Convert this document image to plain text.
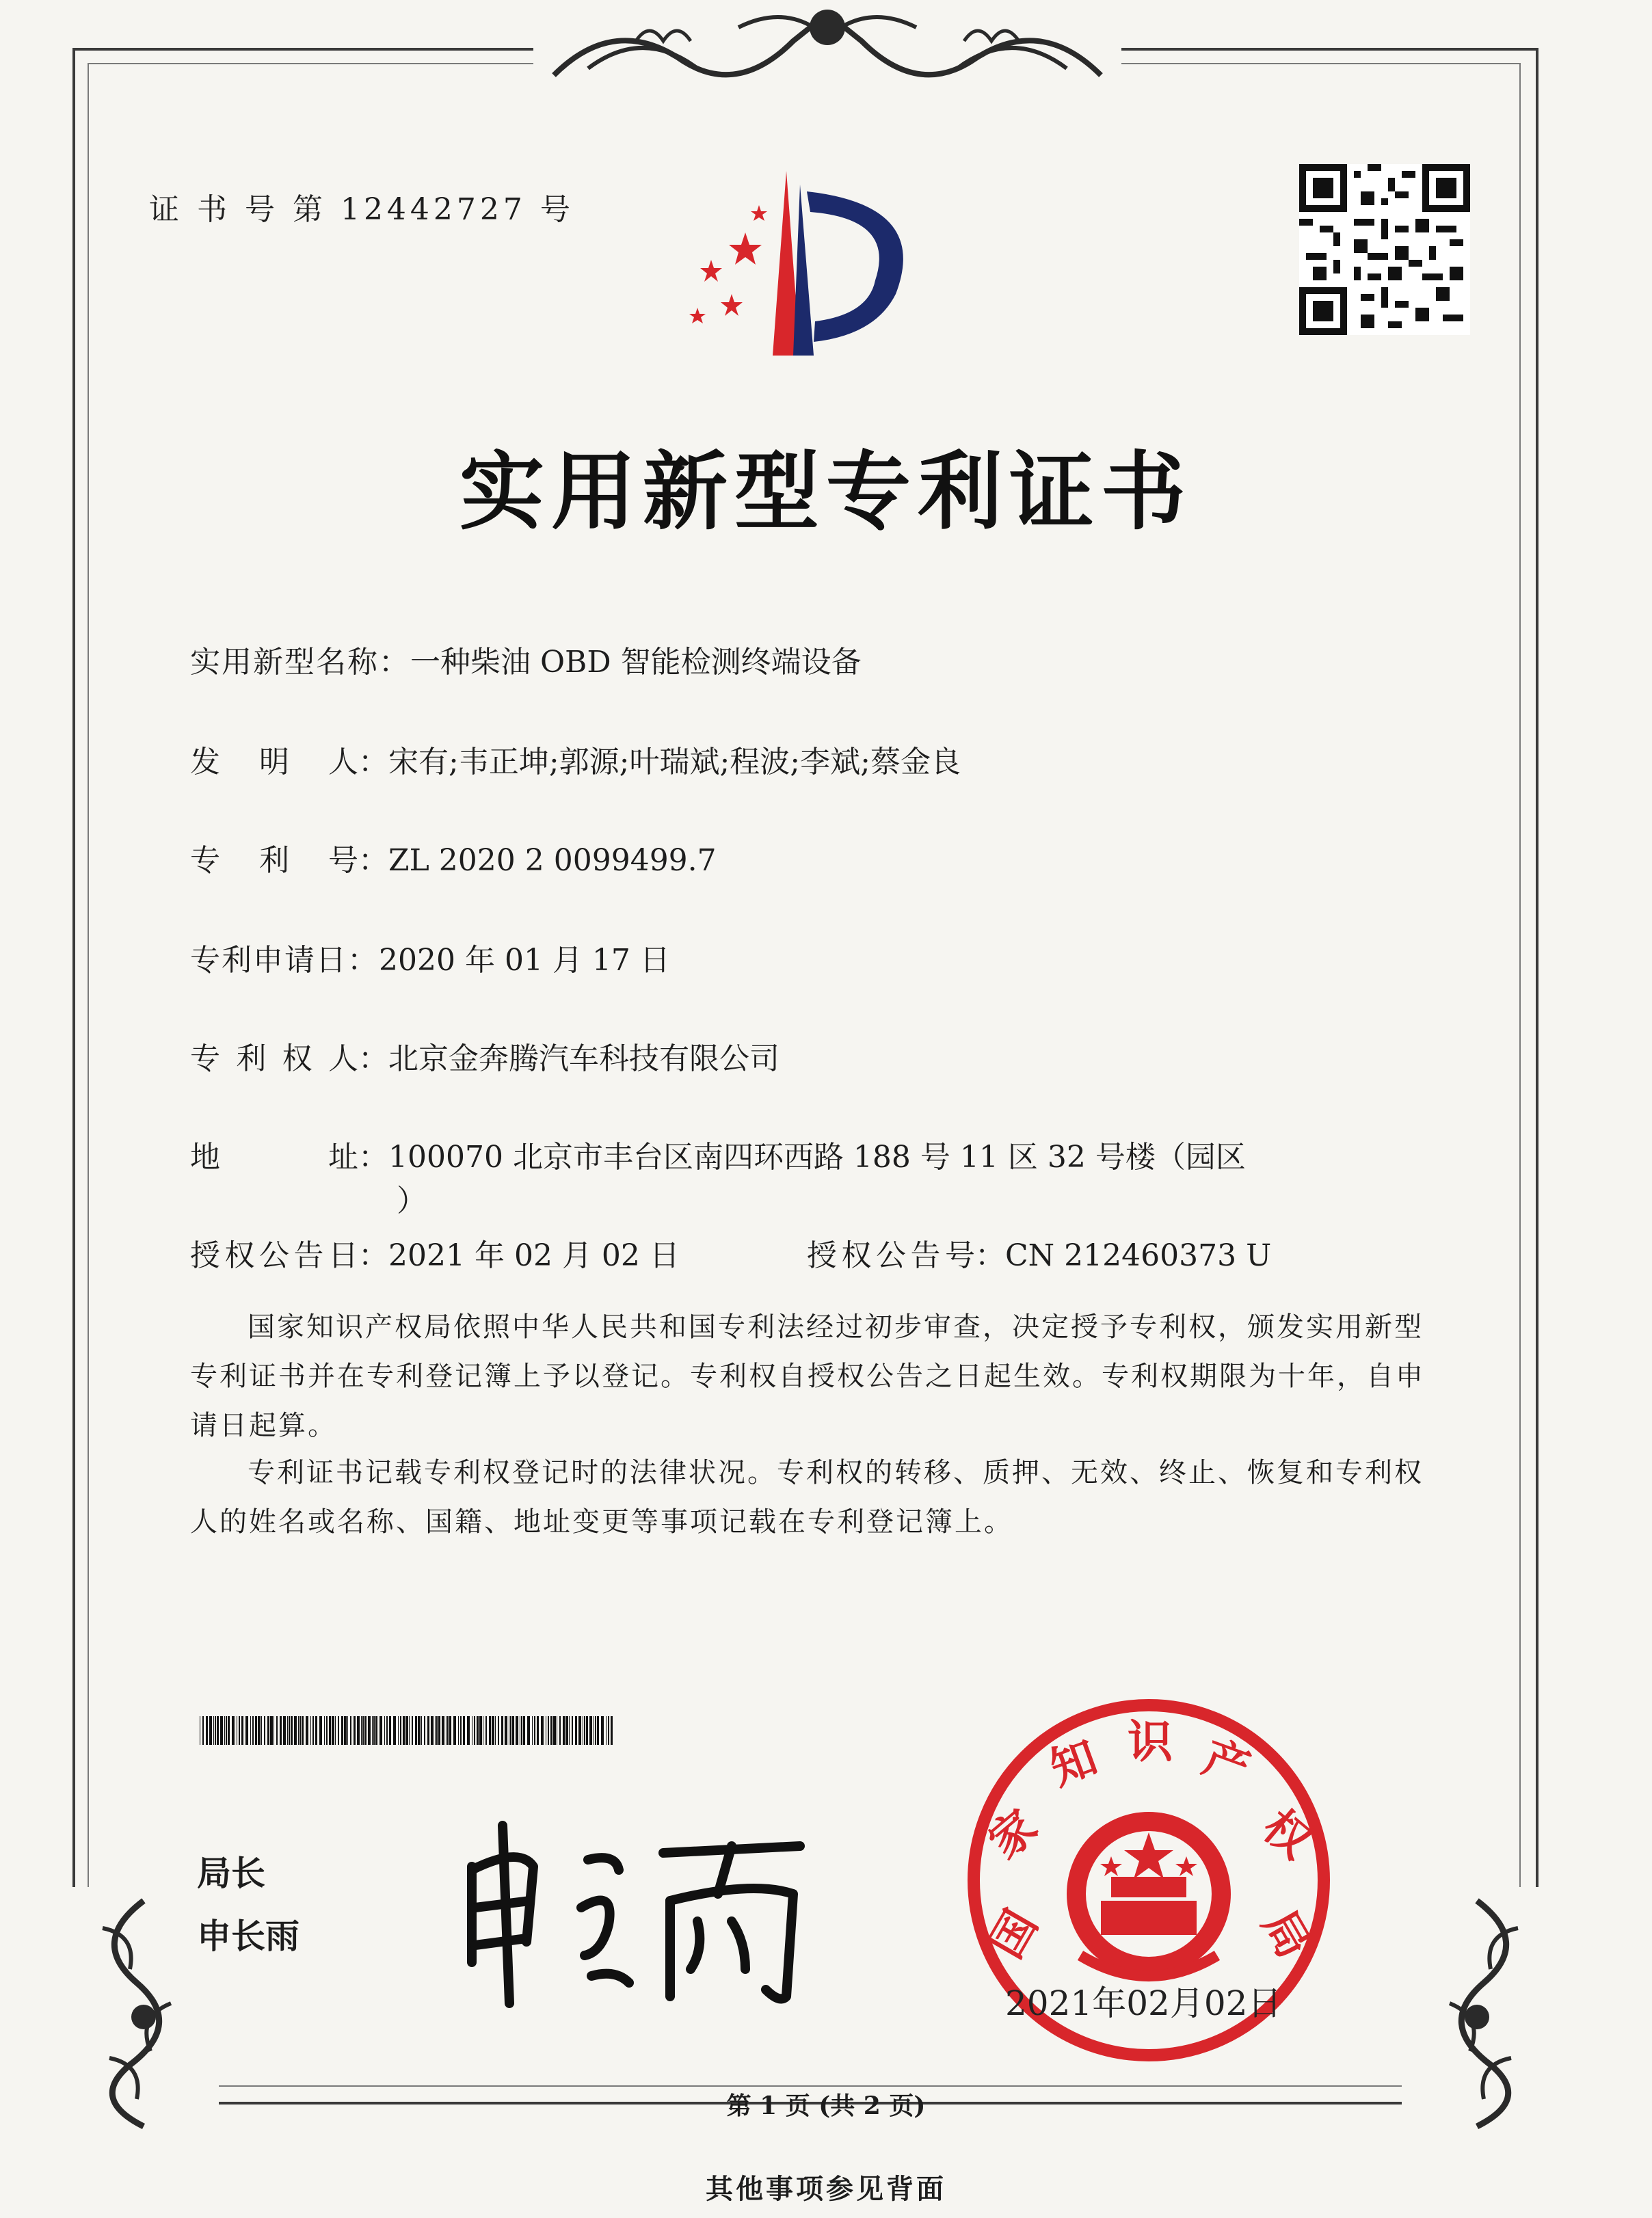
证 书 号 第 12442727 号
实用新型专利证书
实用新型名称：一种柴油 OBD 智能检测终端设备
发 明 人： 宋有;韦正坤;郭源;叶瑞斌;程波;李斌;蔡金良
专 利 号： ZL 2020 2 0099499.7
专利申请日：2020 年 01 月 17 日
专 利 权 人： 北京金奔腾汽车科技有限公司
地	址： 100070 北京市丰台区南四环西路 188 号 11 区 32 号楼（园区
）
授 权 公 告 日： 2021 年 02 月 02 日	授 权 公 告 号： CN 212460373 U
国家知识产权局依照中华人民共和国专利法经过初步审查，决定授予专利权，颁发实用新型专利证书并在专利登记簿上予以登记。专利权自授权公告之日起生效。专利权期限为十年，自申请日起算。
专利证书记载专利权登记时的法律状况。专利权的转移、质押、无效、终止、恢复和专利权人的姓名或名称、国籍、地址变更等事项记载在专利登记簿上。
局长
申长雨	国
家
知 识 产
权
局
2021年02月02日
第 1 页 (共 2 页)
其他事项参见背面
